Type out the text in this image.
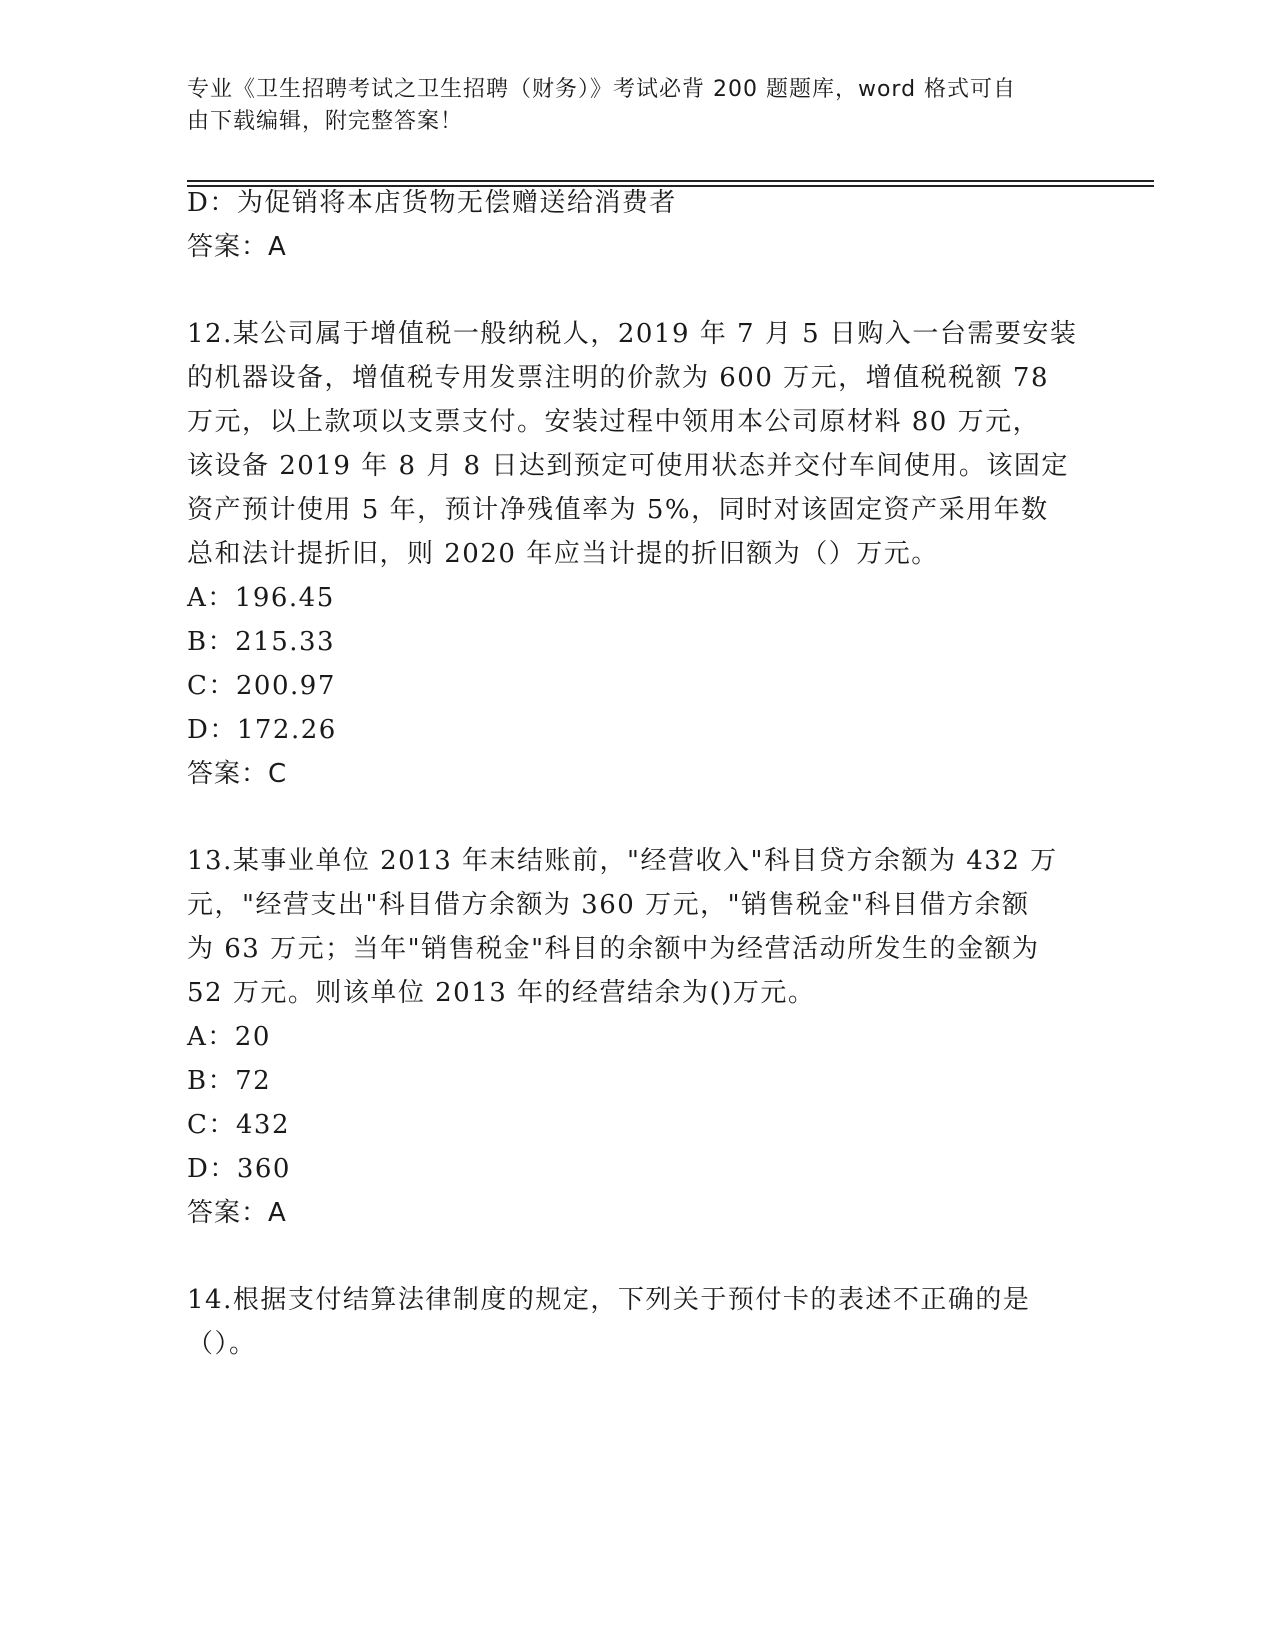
专业《卫生招聘考试之卫生招聘（财务）》考试必背 200 题题库，word 格式可自
由下载编辑，附完整答案！
D：为促销将本店货物无偿赠送给消费者
答案：A
12.某公司属于增值税一般纳税人，2019 年 7 月 5 日购入一台需要安装
的机器设备，增值税专用发票注明的价款为 600 万元，增值税税额 78
万元，以上款项以支票支付。安装过程中领用本公司原材料 80 万元，
该设备 2019 年 8 月 8 日达到预定可使用状态并交付车间使用。该固定
资产预计使用 5 年，预计净残值率为 5%，同时对该固定资产采用年数
总和法计提折旧，则 2020 年应当计提的折旧额为（）万元。
A：196.45
B：215.33
C：200.97
D：172.26
答案：C
13.某事业单位 2013 年末结账前，"经营收入"科目贷方余额为 432 万
元，"经营支出"科目借方余额为 360 万元，"销售税金"科目借方余额
为 63 万元；当年"销售税金"科目的余额中为经营活动所发生的金额为
52 万元。则该单位 2013 年的经营结余为()万元。
A：20
B：72
C：432
D：360
答案：A
14.根据支付结算法律制度的规定，下列关于预付卡的表述不正确的是
（）。
